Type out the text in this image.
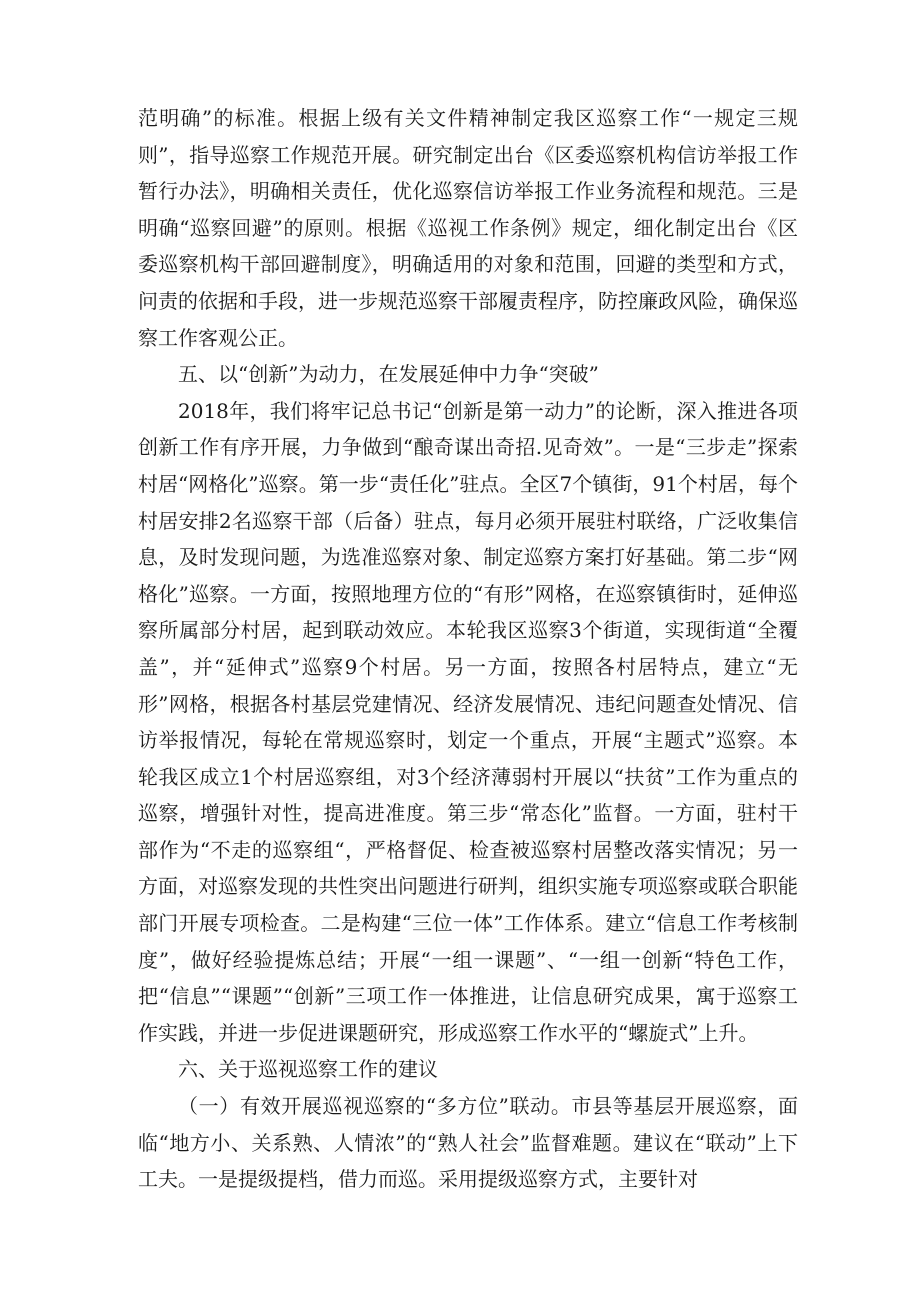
范明确”的标准。根据上级有关文件精神制定我区巡察工作“一规定三规则”，指导巡察工作规范开展。研究制定出台《区委巡察机构信访举报工作暂行办法》，明确相关责任，优化巡察信访举报工作业务流程和规范。三是明确“巡察回避”的原则。根据《巡视工作条例》规定，细化制定出台《区委巡察机构干部回避制度》，明确适用的对象和范围，回避的类型和方式，问责的依据和手段，进一步规范巡察干部履责程序，防控廉政风险，确保巡察工作客观公正。

五、以“创新”为动力，在发展延伸中力争“突破”

2018年，我们将牢记总书记“创新是第一动力”的论断，深入推进各项创新工作有序开展，力争做到“酿奇谋出奇招.见奇效”。一是“三步走”探索村居“网格化”巡察。第一步“责任化”驻点。全区7个镇街，91个村居，每个村居安排2名巡察干部（后备）驻点，每月必须开展驻村联络，广泛收集信息，及时发现问题，为选准巡察对象、制定巡察方案打好基础。第二步“网格化”巡察。一方面，按照地理方位的“有形”网格，在巡察镇街时，延伸巡察所属部分村居，起到联动效应。本轮我区巡察3个街道，实现街道“全覆盖”，并“延伸式”巡察9个村居。另一方面，按照各村居特点，建立“无形”网格，根据各村基层党建情况、经济发展情况、违纪问题查处情况、信访举报情况，每轮在常规巡察时，划定一个重点，开展“主题式”巡察。本轮我区成立1个村居巡察组，对3个经济薄弱村开展以“扶贫”工作为重点的巡察，增强针对性，提高进准度。第三步“常态化”监督。一方面，驻村干部作为“不走的巡察组“，严格督促、检查被巡察村居整改落实情况；另一方面，对巡察发现的共性突出问题进行研判，组织实施专项巡察或联合职能部门开展专项检查。二是构建“三位一体”工作体系。建立“信息工作考核制度”，做好经验提炼总结；开展“一组一课题”、“一组一创新“特色工作，把“信息”“课题”“创新”三项工作一体推进，让信息研究成果，寓于巡察工作实践，并进一步促进课题研究，形成巡察工作水平的“螺旋式”上升。

六、关于巡视巡察工作的建议

（一）有效开展巡视巡察的“多方位”联动。市县等基层开展巡察，面临“地方小、关系熟、人情浓”的“熟人社会”监督难题。建议在“联动”上下工夫。一是提级提档，借力而巡。采用提级巡察方式，主要针对
